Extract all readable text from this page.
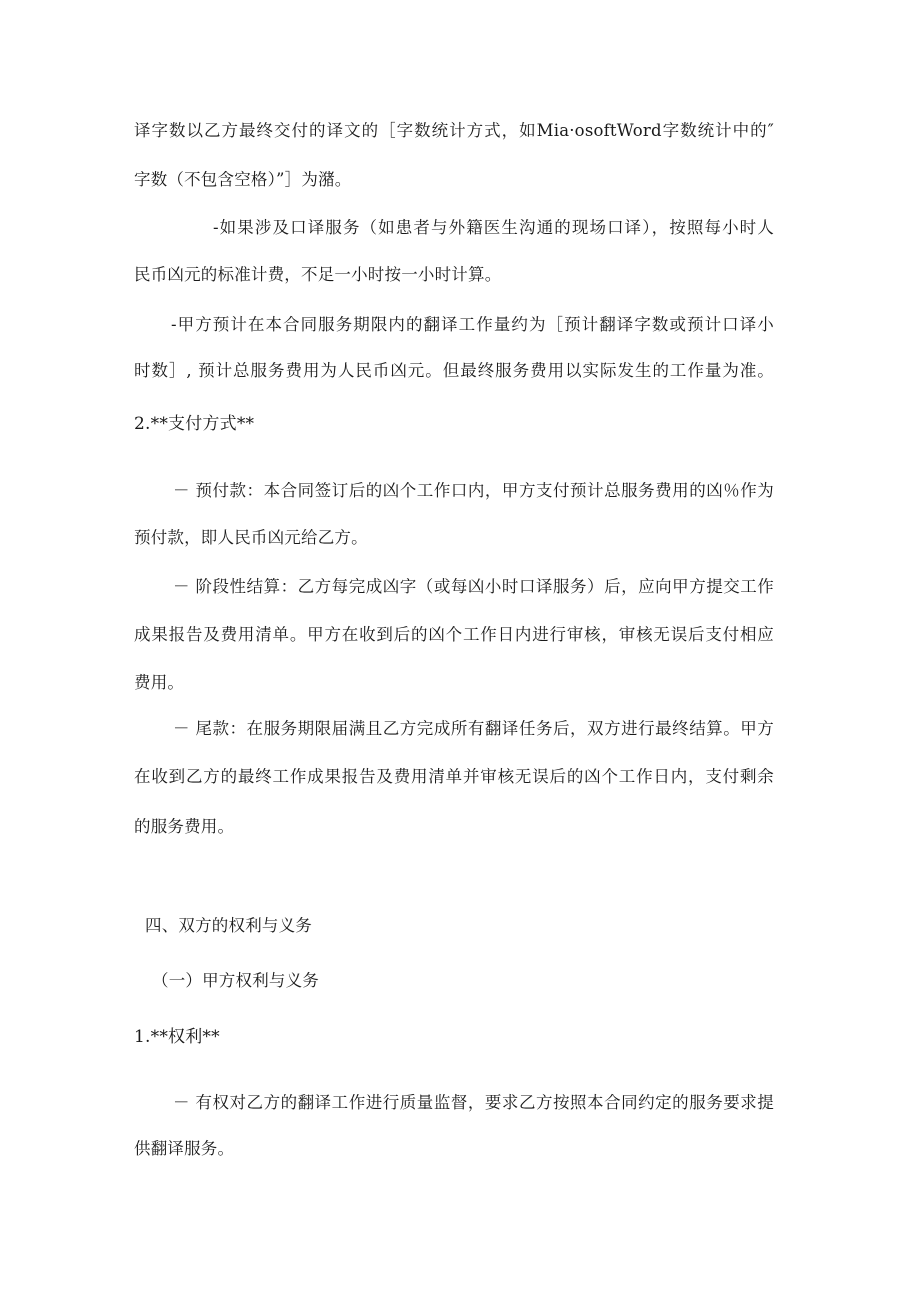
译字数以乙方最终交付的译文的［字数统计方式，如Mia·osoftWord字数统计中的″
字数（不包含空格）”］为潴。
-如果涉及口译服务（如患者与外籍医生沟通的现场口译），按照每小时人
民币凶元的标准计费，不足一小时按一小时计算。
-甲方预计在本合同服务期限内的翻译工作量约为［预计翻译字数或预计口译小
时数］, 预计总服务费用为人民币凶元。但最终服务费用以实际发生的工作量为准。
2.**支付方式**
－ 预付款：本合同签订后的凶个工作口内，甲方支付预计总服务费用的凶％作为
预付款，即人民币凶元给乙方。
－ 阶段性结算：乙方每完成凶字（或每凶小时口译服务）后，应向甲方提交工作
成果报告及费用清单。甲方在收到后的凶个工作日内进行审核，审核无误后支付相应
费用。
－ 尾款：在服务期限届满且乙方完成所有翻译任务后，双方进行最终结算。甲方
在收到乙方的最终工作成果报告及费用清单并审核无误后的凶个工作日内，支付剩余
的服务费用。
四、双方的权利与义务
（一）甲方权利与义务
1.**权利**
－ 有权对乙方的翻译工作进行质量监督，要求乙方按照本合同约定的服务要求提
供翻译服务。
